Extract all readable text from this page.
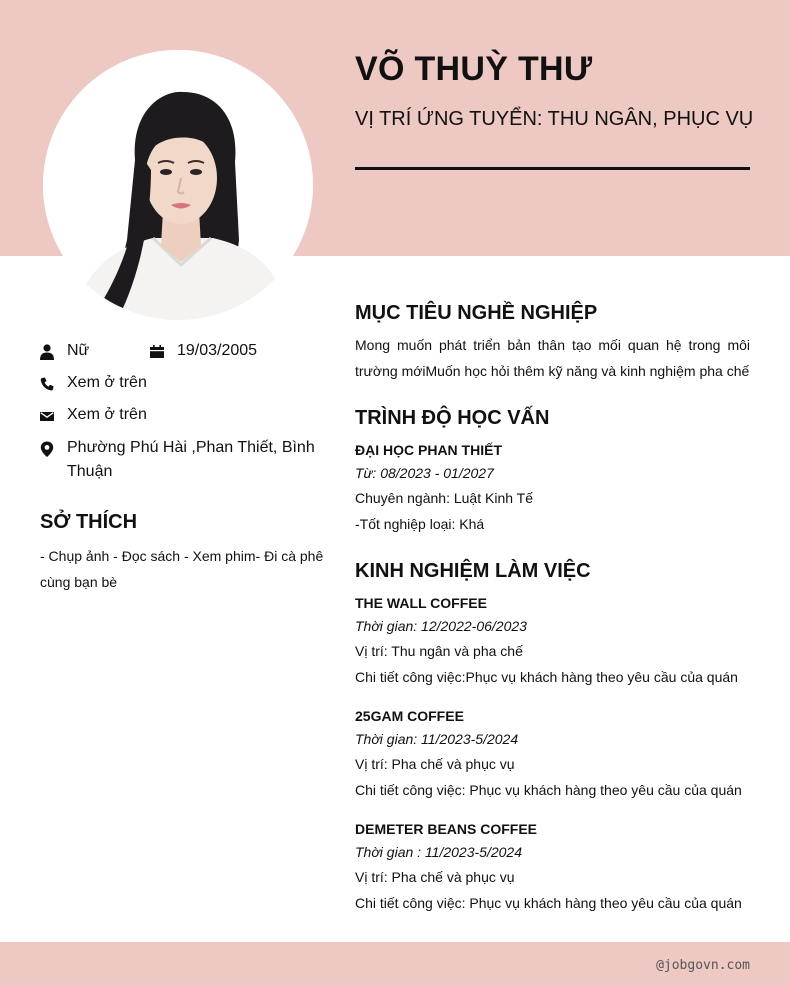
VÕ THUỲ THƯ
VỊ TRÍ ỨNG TUYỂN: THU NGÂN, PHỤC VỤ
Nữ	19/03/2005
Xem ở trên
Xem ở trên
Phường Phú Hài ,Phan Thiết, Bình Thuận
SỞ THÍCH
- Chụp ảnh - Đọc sách - Xem phim- Đi cà phê cùng bạn bè
MỤC TIÊU NGHỀ NGHIỆP
Mong muốn phát triển bản thân tạo mối quan hệ trong môi trường mớiMuốn học hỏi thêm kỹ năng và kinh nghiệm pha chế
TRÌNH ĐỘ HỌC VẤN
ĐẠI HỌC PHAN THIẾT
Từ: 08/2023 - 01/2027
Chuyên ngành: Luật Kinh Tế
-Tốt nghiệp loại: Khá
KINH NGHIỆM LÀM VIỆC
THE WALL COFFEE
Thời gian: 12/2022-06/2023
Vị trí: Thu ngân và pha chế
Chi tiết công việc:Phục vụ khách hàng theo yêu cầu của quán
25GAM COFFEE
Thời gian: 11/2023-5/2024
Vị trí: Pha chế và phục vụ
Chi tiết công việc: Phục vụ khách hàng theo yêu cầu của quán
DEMETER BEANS COFFEE
Thời gian : 11/2023-5/2024
Vị trí: Pha chế và phục vụ
Chi tiết công việc: Phục vụ khách hàng theo yêu cầu của quán
@jobgovn.com
